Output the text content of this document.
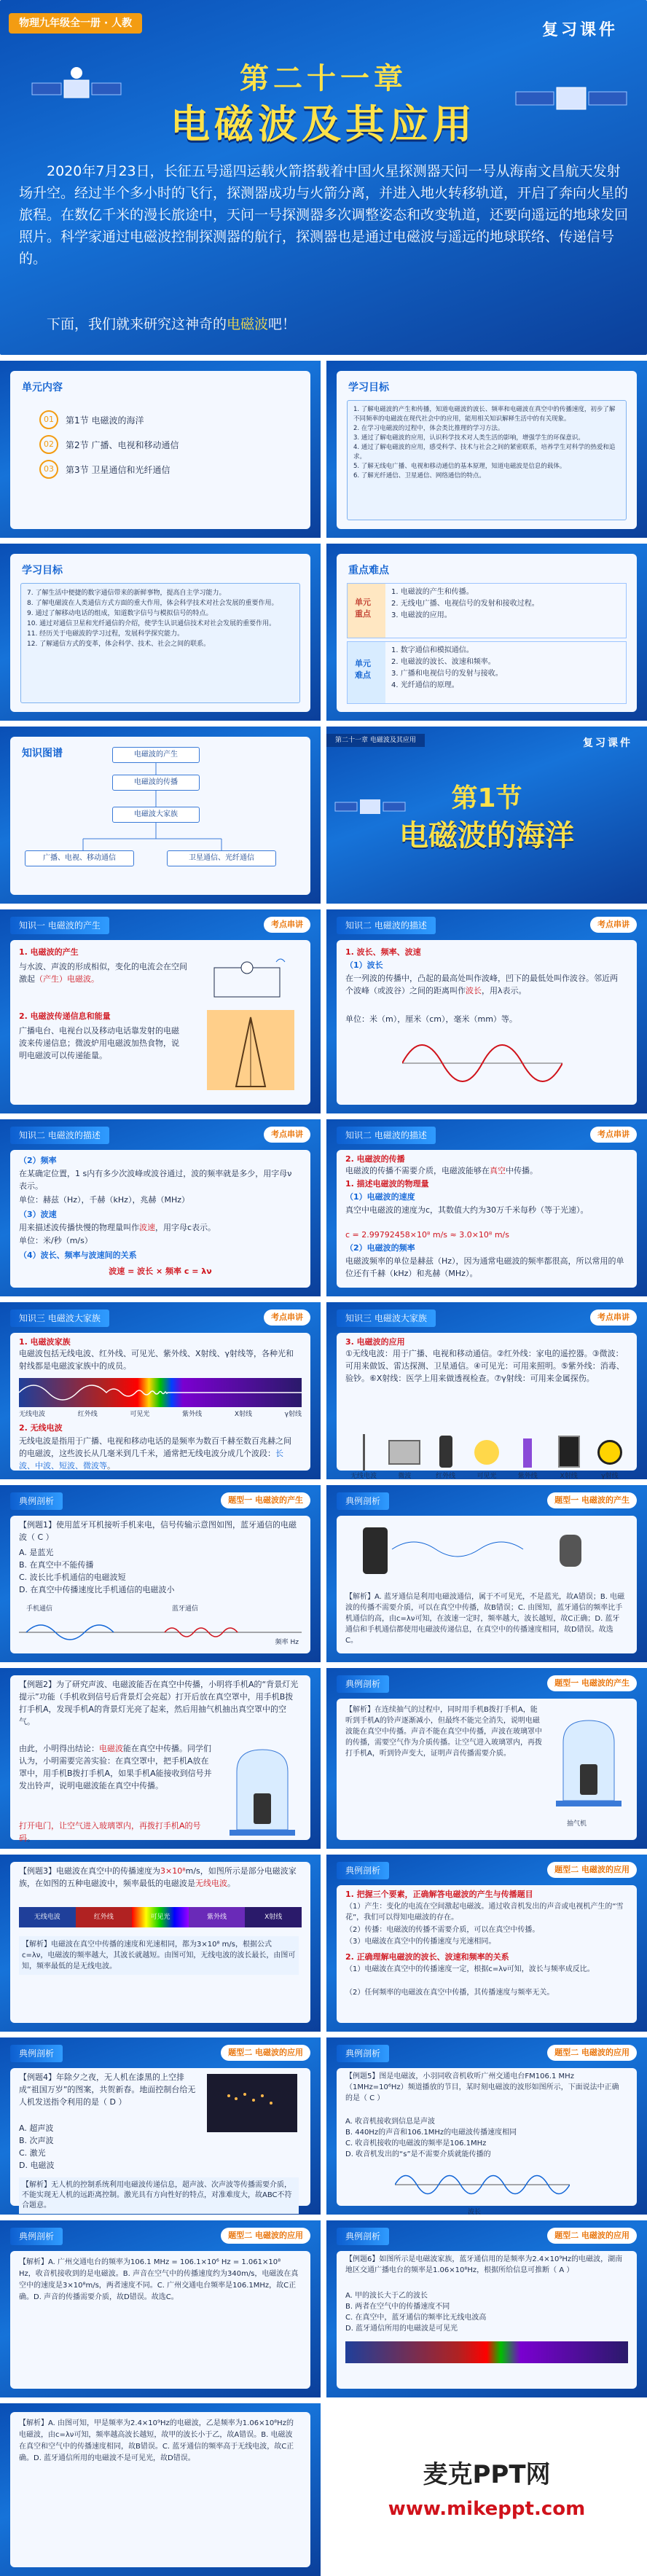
物理九年级全一册 · 人教	复习课件
第二十一章
电磁波及其应用
2020年7月23日，长征五号遥四运载火箭搭载着中国火星探测器天问一号从海南文昌航天发射场升空。经过半个多小时的飞行，探测器成功与火箭分离，并进入地火转移轨道，开启了奔向火星的旅程。在数亿千米的漫长旅途中，天问一号探测器多次调整姿态和改变轨道，还要向遥远的地球发回照片。科学家通过电磁波控制探测器的航行，探测器也是通过电磁波与遥远的地球联络、传递信号的。
下面，我们就来研究这神奇的电磁波吧！
单元内容
01	第1节 电磁波的海洋
02	第2节 广播、电视和移动通信
03	第3节 卫星通信和光纤通信
学习目标
1. 了解电磁波的产生和传播，知道电磁波的波长、频率和电磁波在真空中的传播速度，初步了解不同频率的电磁波在现代社会中的应用，能用相关知识解释生活中的有关现象。
2. 在学习电磁波的过程中，体会类比推理的学习方法。
3. 通过了解电磁波的应用，认识科学技术对人类生活的影响，增强学生的环保意识。
4. 通过了解电磁波的应用，感受科学、技术与社会之间的紧密联系，培养学生对科学的热爱和追求。
5. 了解无线电广播、电视和移动通信的基本原理，知道电磁波是信息的载体。
6. 了解光纤通信、卫星通信、网络通信的特点。
学习目标
7. 了解生活中便捷的数字通信带来的新鲜事物，提高自主学习能力。
8. 了解电磁波在人类通信方式方面的重大作用，体会科学技术对社会发展的重要作用。
9. 通过了解移动电话的组成，知道数字信号与模拟信号的特点。
10. 通过对通信卫星和光纤通信的介绍，使学生认识通信技术对社会发展的重要作用。
11. 经历关于电磁波的学习过程，发展科学探究能力。
12. 了解通信方式的变革，体会科学、技术、社会之间的联系。
重点难点
单元重点
1. 电磁波的产生和传播。
2. 无线电广播、电视信号的发射和接收过程。
3. 电磁波的应用。
单元难点
1. 数字通信和模拟通信。
2. 电磁波的波长、波速和频率。
3. 广播和电视信号的发射与接收。
4. 光纤通信的原理。
知识图谱	电磁波的产生
电磁波的传播
电磁波大家族
广播、电视、移动通信	卫星通信、光纤通信
第二十一章 电磁波及其应用	复习课件
第1节
电磁波的海洋
知识一 电磁波的产生	考点串讲
1. 电磁波的产生
与水波、声波的形成相似，变化的电流会在空间激起（产生）电磁波。
2. 电磁波传递信息和能量
广播电台、电视台以及移动电话靠发射的电磁波来传递信息；微波炉用电磁波加热食物，说明电磁波可以传递能量。
知识二 电磁波的描述	考点串讲
1. 波长、频率、波速
（1）波长
在一列波的传播中，凸起的最高处叫作波峰，凹下的最低处叫作波谷。邻近两个波峰（或波谷）之间的距离叫作波长，用λ表示。
单位：米（m），厘米（cm），毫米（mm）等。
知识二 电磁波的描述	考点串讲
（2）频率
在某确定位置，1 s内有多少次波峰或波谷通过，波的频率就是多少，用字母ν表示。
单位：赫兹（Hz），千赫（kHz），兆赫（MHz）
（3）波速
用来描述波传播快慢的物理量叫作波速，用字母c表示。
单位：米/秒（m/s）
（4）波长、频率与波速间的关系
波速 = 波长 × 频率 c = λν
知识二 电磁波的描述	考点串讲
2. 电磁波的传播
电磁波的传播不需要介质，电磁波能够在真空中传播。
1. 描述电磁波的物理量
（1）电磁波的速度
真空中电磁波的速度为c，其数值大约为30万千米每秒（等于光速）。
c = 2.99792458×10⁸ m/s ≈ 3.0×10⁸ m/s
（2）电磁波的频率
电磁波频率的单位是赫兹（Hz），因为通常电磁波的频率都很高，所以常用的单位还有千赫（kHz）和兆赫（MHz）。
知识三 电磁波大家族	考点串讲
1. 电磁波家族
电磁波包括无线电波、红外线、可见光、紫外线、X射线、γ射线等，各种光和射线都是电磁波家族中的成员。
无线电波	红外线	可见光	紫外线	X射线	γ射线
2. 无线电波
无线电波是指用于广播、电视和移动电话的是频率为数百千赫至数百兆赫之间的电磁波，这些波长从几毫米到几千米，通常把无线电波分成几个波段：长波、中波、短波、微波等。
知识三 电磁波大家族	考点串讲
3. 电磁波的应用
①无线电波：用于广播、电视和移动通信。②红外线：家电的遥控器。③微波：可用来做饭、雷达探测、卫星通信。④可见光：可用来照明。⑤紫外线：消毒、验钞。⑥X射线：医学上用来做透视检查。⑦γ射线：可用来金属探伤。
无线电波	微波	红外线	可见光	紫外线	X射线	γ射线
典例剖析	题型一 电磁波的产生
【例题1】使用蓝牙耳机接听手机来电，信号传输示意图如图，蓝牙通信的电磁波（ C ）
A. 是蓝光
B. 在真空中不能传播
C. 波长比手机通信的电磁波短
D. 在真空中传播速度比手机通信的电磁波小
手机通信	蓝牙通信
频率 Hz
典例剖析	题型一 电磁波的产生
【解析】A. 蓝牙通信是利用电磁波通信，属于不可见光，不是蓝光，故A错误；B. 电磁波的传播不需要介质，可以在真空中传播，故B错误；C. 由图知，蓝牙通信的频率比手机通信的高，由c=λν可知，在波速一定时，频率越大，波长越短，故C正确；D. 蓝牙通信和手机通信都使用电磁波传递信息，在真空中的传播速度相同，故D错误。故选C。
【例题2】为了研究声波、电磁波能否在真空中传播，小明将手机A的“背景灯光提示”功能（手机收到信号后背景灯会亮起）打开后放在真空罩中，用手机B拨打手机A，发现手机A的背景灯光亮了起来，然后用抽气机抽出真空罩中的空气。
由此，小明得出结论：电磁波能在真空中传播。同学们认为，小明需要完善实验：在真空罩中，把手机A放在罩中，用手机B拨打手机A，如果手机A能接收到信号并发出铃声，说明电磁波能在真空中传播。
打开电门，让空气进入玻璃罩内，再拨打手机A的号码。
典例剖析	题型一 电磁波的产生
【解析】在连续抽气的过程中，同时用手机B拨打手机A，能听到手机A的铃声逐渐减小，但最终不能完全消失，说明电磁波能在真空中传播。声音不能在真空中传播，声波在玻璃罩中的传播，需要空气作为介质传播。让空气进入玻璃罩内，再拨打手机A，听到铃声变大，证明声音传播需要介质。
抽气机
【例题3】电磁波在真空中的传播速度为3×10⁸m/s，如图所示是部分电磁波家族，在如图的五种电磁波中，频率最低的电磁波是无线电波。
无线电波	红外线	可见光	紫外线	X射线
【解析】电磁波在真空中传播的速度和光速相同，都为3×10⁸ m/s，根据公式c=λν，电磁波的频率越大，其波长就越短。由图可知，无线电波的波长最长，由图可知，频率最低的是无线电波。
典例剖析	题型二 电磁波的应用
1. 把握三个要素，正确解答电磁波的产生与传播题目
（1）产生：变化的电流在空间激起电磁波。通过收音机发出的声音或电视机产生的“雪花”，我们可以得知电磁波的存在。
（2）传播：电磁波的传播不需要介质，可以在真空中传播。
（3）电磁波在真空中的传播速度与光速相同。
2. 正确理解电磁波的波长、波速和频率的关系
（1）电磁波在真空中的传播速度一定，根据c=λν可知，波长与频率成反比。
（2）任何频率的电磁波在真空中传播，其传播速度与频率无关。
典例剖析	题型二 电磁波的应用
【例题4】年除夕之夜，无人机在漆黑的上空排成“祖国万岁”的图案，共贺新春。地面控制台给无人机发送指令利用的是（ D ）
A. 超声波
B. 次声波
C. 激光
D. 电磁波
【解析】无人机的控制系统利用电磁波传递信息，超声波、次声波等传播需要介质，不能实现无人机的远距离控制。激光具有方向性好的特点，对准难度大，故ABC不符合题意。
典例剖析	题型二 电磁波的应用
【例题5】图是电磁波，小羽同收音机收听广州交通电台FM106.1 MHz（1MHz=10⁶Hz）频道播放的节目，某时刻电磁波的波形如图所示，下面说法中正确的是（ C ）
A. 收音机接收到信息是声波
B. 440Hz的声音和106.1MHz的电磁波传播速度相同
C. 收音机接收的电磁波的频率是106.1MHz
D. 收音机发出的“s”是不需要介质就能传播的
波长
典例剖析	题型二 电磁波的应用
【解析】A. 广州交通电台的频率为106.1 MHz = 106.1×10⁶ Hz = 1.061×10⁸ Hz，收音机接收到的是电磁波。B. 声音在空气中的传播速度约为340m/s，电磁波在真空中的速度是3×10⁸m/s，两者速度不同。C. 广州交通电台频率是106.1MHz，故C正确。D. 声音的传播需要介质，故D错误。故选C。
典例剖析	题型二 电磁波的应用
【例题6】如图所示是电磁波家族，蓝牙通信用的是频率为2.4×10⁹Hz的电磁波，湖南地区交通广播电台的频率是1.06×10⁸Hz，根据所给信息可推断（ A ）
A. 甲的波长大于乙的波长
B. 两者在空气中的传播速度不同
C. 在真空中，蓝牙通信的频率比无线电波高
D. 蓝牙通信所用的电磁波是可见光
【解析】A. 由图可知，甲是频率为2.4×10⁹Hz的电磁波，乙是频率为1.06×10⁸Hz的电磁波，由c=λν可知，频率越高波长越短，故甲的波长小于乙，故A错误。B. 电磁波在真空和空气中的传播速度相同，故B错误。C. 蓝牙通信的频率高于无线电波，故C正确。D. 蓝牙通信所用的电磁波不是可见光，故D错误。
麦克PPT网
www.mikeppt.com
